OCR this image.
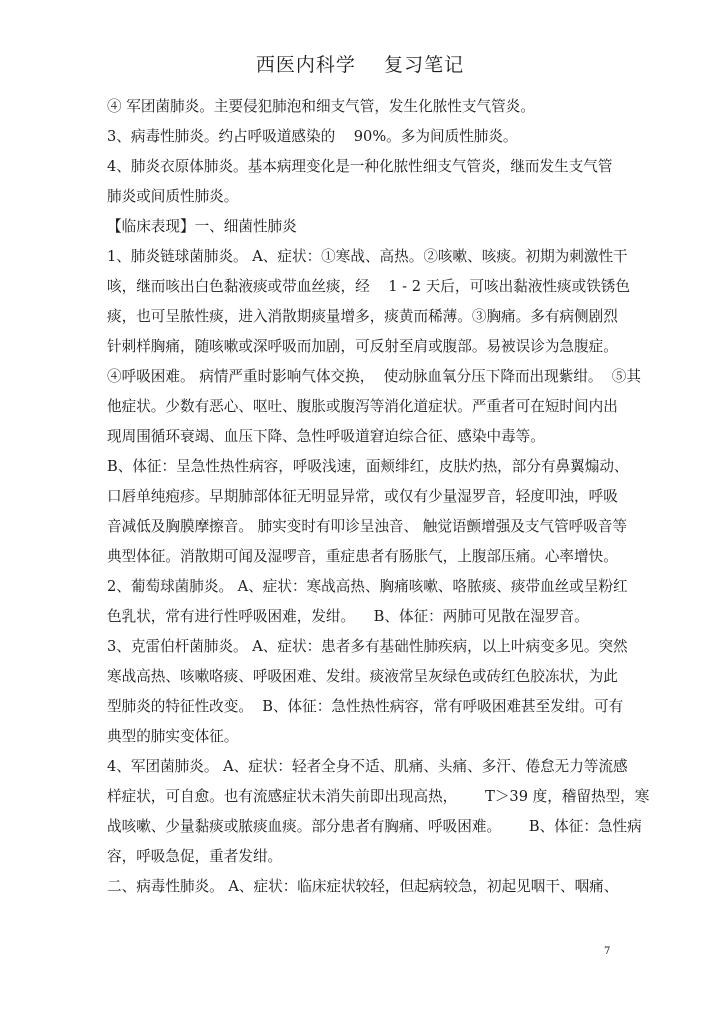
西医内科学    复习笔记
④ 军团菌肺炎。主要侵犯肺泡和细支气管，发生化脓性支气管炎。
3、病毒性肺炎。约占呼吸道感染的    90%。多为间质性肺炎。
4、肺炎衣原体肺炎。基本病理变化是一种化脓性细支气管炎，继而发生支气管
肺炎或间质性肺炎。
【临床表现】一、细菌性肺炎
1、肺炎链球菌肺炎。 A、症状：①寒战、高热。②咳嗽、咳痰。初期为刺激性干
咳，继而咳出白色黏液痰或带血丝痰，经    1 - 2 天后，可咳出黏液性痰或铁锈色
痰，也可呈脓性痰，进入消散期痰量增多，痰黄而稀薄。③胸痛。多有病侧剧烈
针刺样胸痛，随咳嗽或深呼吸而加剧，可反射至肩或腹部。易被误诊为急腹症。
④呼吸困难。 病情严重时影响气体交换，  使动脉血氧分压下降而出现紫绀。  ⑤其
他症状。少数有恶心、呕吐、腹胀或腹泻等消化道症状。严重者可在短时间内出
现周围循环衰竭、血压下降、急性呼吸道窘迫综合征、感染中毒等。
B、体征：呈急性热性病容，呼吸浅速，面颊绯红，皮肤灼热，部分有鼻翼煽动、
口唇单纯疱疹。早期肺部体征无明显异常，或仅有少量湿罗音，轻度叩浊，呼吸
音减低及胸膜摩擦音。 肺实变时有叩诊呈浊音、 触觉语颤增强及支气管呼吸音等
典型体征。消散期可闻及湿啰音，重症患者有肠胀气，上腹部压痛。心率增快。
2、葡萄球菌肺炎。 A、症状：寒战高热、胸痛咳嗽、咯脓痰、痰带血丝或呈粉红
色乳状，常有进行性呼吸困难，发绀。    B、体征：两肺可见散在湿罗音。
3、克雷伯杆菌肺炎。 A、症状：患者多有基础性肺疾病，以上叶病变多见。突然
寒战高热、咳嗽咯痰、呼吸困难、发绀。痰液常呈灰绿色或砖红色胶冻状，为此
型肺炎的特征性改变。  B、体征：急性热性病容，常有呼吸困难甚至发绀。可有
典型的肺实变体征。
4、军团菌肺炎。 A、症状：轻者全身不适、肌痛、头痛、多汗、倦怠无力等流感
样症状，可自愈。也有流感症状未消失前即出现高热，      T＞39 度，稽留热型，寒
战咳嗽、少量黏痰或脓痰血痰。部分患者有胸痛、呼吸困难。      B、体征：急性病
容，呼吸急促，重者发绀。
二、病毒性肺炎。 A、症状：临床症状较轻，但起病较急，初起见咽干、咽痛、
7
